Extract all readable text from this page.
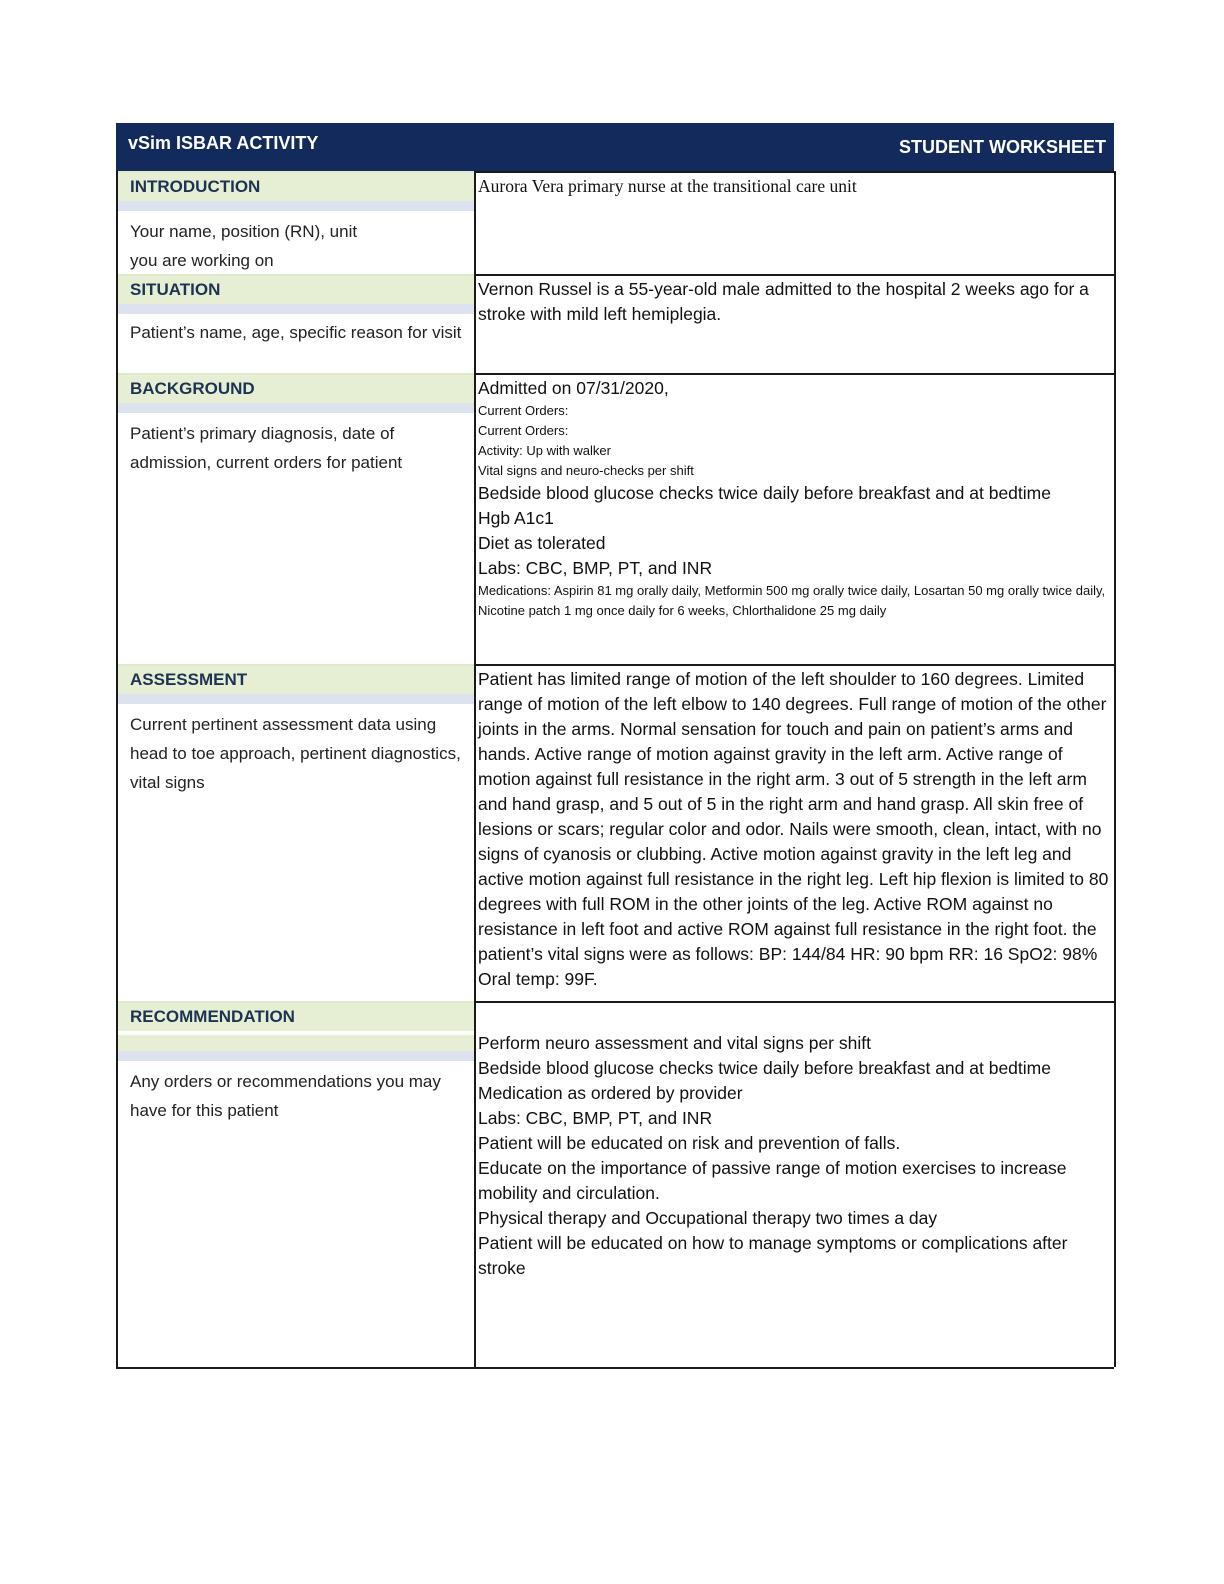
vSim ISBAR ACTIVITY	STUDENT WORKSHEET
INTRODUCTION
Your name, position (RN), unit
you are working on
Aurora Vera primary nurse at the transitional care unit
SITUATION
Patient’s name, age, specific reason for visit
Vernon Russel is a 55-year-old male admitted to the hospital 2 weeks ago for a stroke with mild left hemiplegia.
BACKGROUND
Patient’s primary diagnosis, date of admission, current orders for patient
Admitted on 07/31/2020,
Current Orders:
Current Orders:
Activity: Up with walker
Vital signs and neuro-checks per shift
Bedside blood glucose checks twice daily before breakfast and at bedtime
Hgb A1c1
Diet as tolerated
Labs: CBC, BMP, PT, and INR
Medications: Aspirin 81 mg orally daily, Metformin 500 mg orally twice daily, Losartan 50 mg orally twice daily, Nicotine patch 1 mg once daily for 6 weeks, Chlorthalidone 25 mg daily
ASSESSMENT
Current pertinent assessment data using head to toe approach, pertinent diagnostics, vital signs
Patient has limited range of motion of the left shoulder to 160 degrees. Limited range of motion of the left elbow to 140 degrees. Full range of motion of the other joints in the arms. Normal sensation for touch and pain on patient’s arms and hands. Active range of motion against gravity in the left arm. Active range of motion against full resistance in the right arm. 3 out of 5 strength in the left arm and hand grasp, and 5 out of 5 in the right arm and hand grasp. All skin free of lesions or scars; regular color and odor. Nails were smooth, clean, intact, with no signs of cyanosis or clubbing. Active motion against gravity in the left leg and active motion against full resistance in the right leg. Left hip flexion is limited to 80 degrees with full ROM in the other joints of the leg. Active ROM against no resistance in left foot and active ROM against full resistance in the right foot. the patient’s vital signs were as follows: BP: 144/84 HR: 90 bpm RR: 16 SpO2: 98% Oral temp: 99F.
RECOMMENDATION
Any orders or recommendations you may have for this patient
Perform neuro assessment and vital signs per shift
Bedside blood glucose checks twice daily before breakfast and at bedtime
Medication as ordered by provider
Labs: CBC, BMP, PT, and INR
Patient will be educated on risk and prevention of falls.
Educate on the importance of passive range of motion exercises to increase mobility and circulation.
Physical therapy and Occupational therapy two times a day
Patient will be educated on how to manage symptoms or complications after stroke
